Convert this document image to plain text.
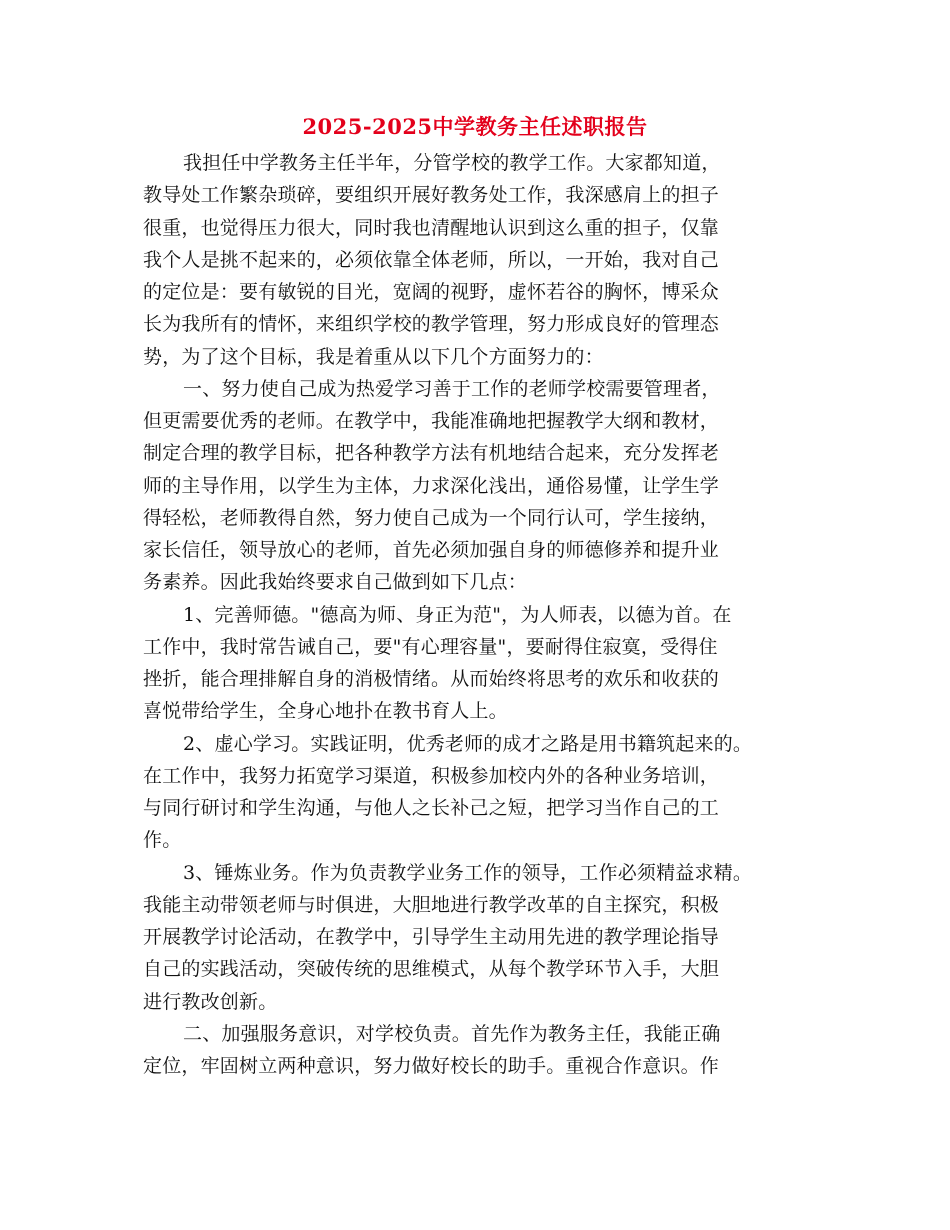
2025-2025中学教务主任述职报告
我担任中学教务主任半年，分管学校的教学工作。大家都知道，
教导处工作繁杂琐碎，要组织开展好教务处工作，我深感肩上的担子
很重，也觉得压力很大，同时我也清醒地认识到这么重的担子，仅靠
我个人是挑不起来的，必须依靠全体老师，所以，一开始，我对自己
的定位是：要有敏锐的目光，宽阔的视野，虚怀若谷的胸怀，博采众
长为我所有的情怀，来组织学校的教学管理，努力形成良好的管理态
势，为了这个目标，我是着重从以下几个方面努力的：
一、努力使自己成为热爱学习善于工作的老师学校需要管理者，
但更需要优秀的老师。在教学中，我能准确地把握教学大纲和教材，
制定合理的教学目标，把各种教学方法有机地结合起来，充分发挥老
师的主导作用，以学生为主体，力求深化浅出，通俗易懂，让学生学
得轻松，老师教得自然，努力使自己成为一个同行认可，学生接纳，
家长信任，领导放心的老师，首先必须加强自身的师德修养和提升业
务素养。因此我始终要求自己做到如下几点：
1、完善师德。"德高为师、身正为范"，为人师表，以德为首。在
工作中，我时常告诫自己，要"有心理容量"，要耐得住寂寞，受得住
挫折，能合理排解自身的消极情绪。从而始终将思考的欢乐和收获的
喜悦带给学生，全身心地扑在教书育人上。
2、虚心学习。实践证明，优秀老师的成才之路是用书籍筑起来的。
在工作中，我努力拓宽学习渠道，积极参加校内外的各种业务培训，
与同行研讨和学生沟通，与他人之长补己之短，把学习当作自己的工
作。
3、锤炼业务。作为负责教学业务工作的领导，工作必须精益求精。
我能主动带领老师与时俱进，大胆地进行教学改革的自主探究，积极
开展教学讨论活动，在教学中，引导学生主动用先进的教学理论指导
自己的实践活动，突破传统的思维模式，从每个教学环节入手，大胆
进行教改创新。
二、加强服务意识，对学校负责。首先作为教务主任，我能正确
定位，牢固树立两种意识，努力做好校长的助手。重视合作意识。作
